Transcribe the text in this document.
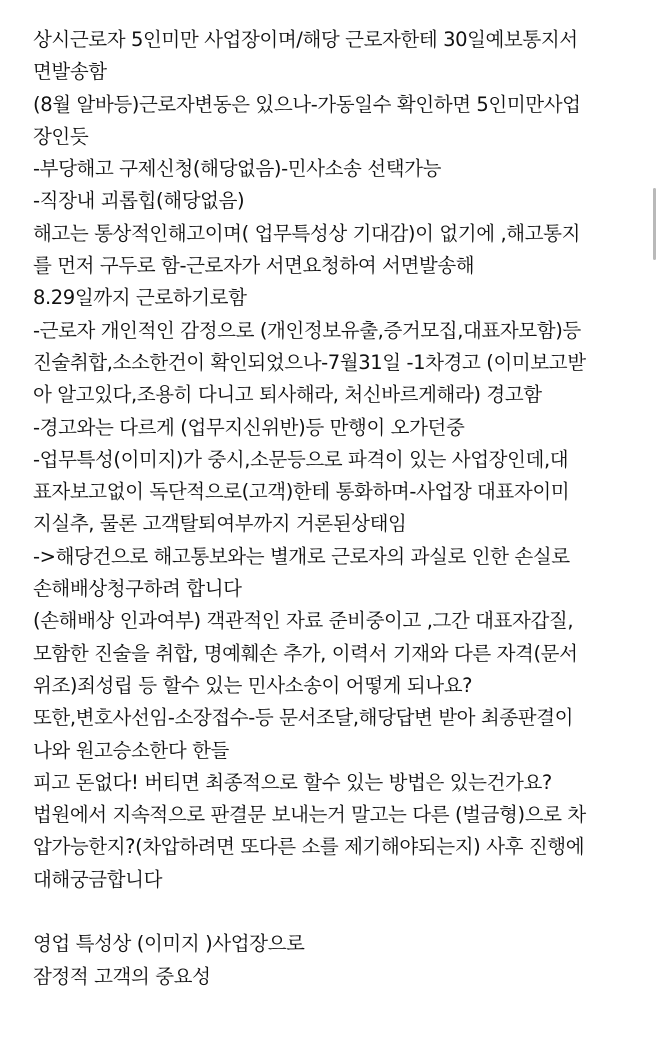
상시근로자 5인미만 사업장이며/해당 근로자한테 30일예보통지서
면발송함
(8월 알바등)근로자변동은 있으나-가동일수 확인하면 5인미만사업
장인듯
-부당해고 구제신청(해당없음)-민사소송 선택가능
-직장내 괴롭힙(해당없음)
해고는 통상적인해고이며( 업무특성상 기대감)이 없기에 ,해고통지
를 먼저 구두로 함-근로자가 서면요청하여 서면발송해
8.29일까지 근로하기로함
-근로자 개인적인 감정으로 (개인정보유출,증거모집,대표자모함)등
진술취합,소소한건이 확인되었으나-7월31일 -1차경고 (이미보고받
아 알고있다,조용히 다니고 퇴사해라, 처신바르게해라) 경고함
-경고와는 다르게 (업무지신위반)등 만행이 오가던중
-업무특성(이미지)가 중시,소문등으로 파격이 있는 사업장인데,대
표자보고없이 독단적으로(고객)한테 통화하며-사업장 대표자이미
지실추, 물론 고객탈퇴여부까지 거론된상태임
->해당건으로 해고통보와는 별개로 근로자의 과실로 인한 손실로
손해배상청구하려 합니다
(손해배상 인과여부) 객관적인 자료 준비중이고 ,그간 대표자갑질,
모함한 진술을 취합, 명예훼손 추가, 이력서 기재와 다른 자격(문서
위조)죄성립 등 할수 있는 민사소송이 어떻게 되나요?
또한,변호사선임-소장접수-등 문서조달,해당답변 받아 최종판결이
나와 원고승소한다 한들
피고 돈없다! 버티면 최종적으로 할수 있는 방법은 있는건가요?
법원에서 지속적으로 판결문 보내는거 말고는 다른 (벌금형)으로 차
압가능한지?(차압하려면 또다른 소를 제기해야되는지) 사후 진행에
대해궁금합니다
영업 특성상 (이미지 )사업장으로
잠정적 고객의 중요성
